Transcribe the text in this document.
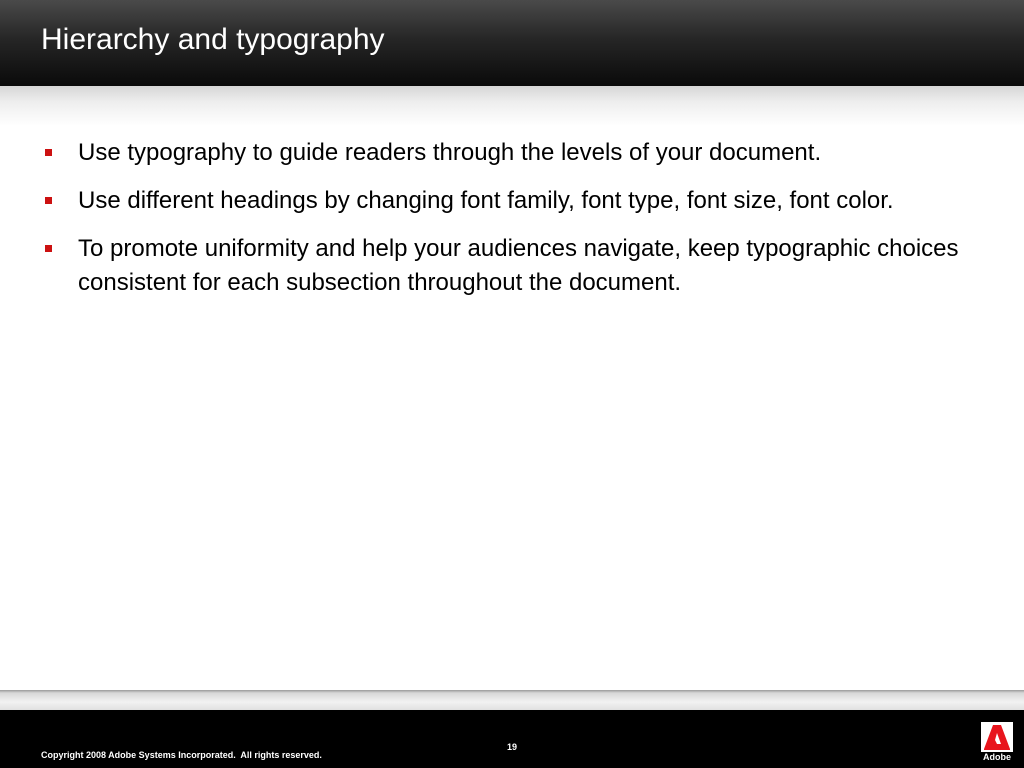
Hierarchy and typography
Use typography to guide readers through the levels of your document.
Use different headings by changing font family, font type, font size, font color.
To promote uniformity and help your audiences navigate, keep typographic choices consistent for each subsection throughout the document.
Copyright 2008 Adobe Systems Incorporated.  All rights reserved.
19
Adobe
